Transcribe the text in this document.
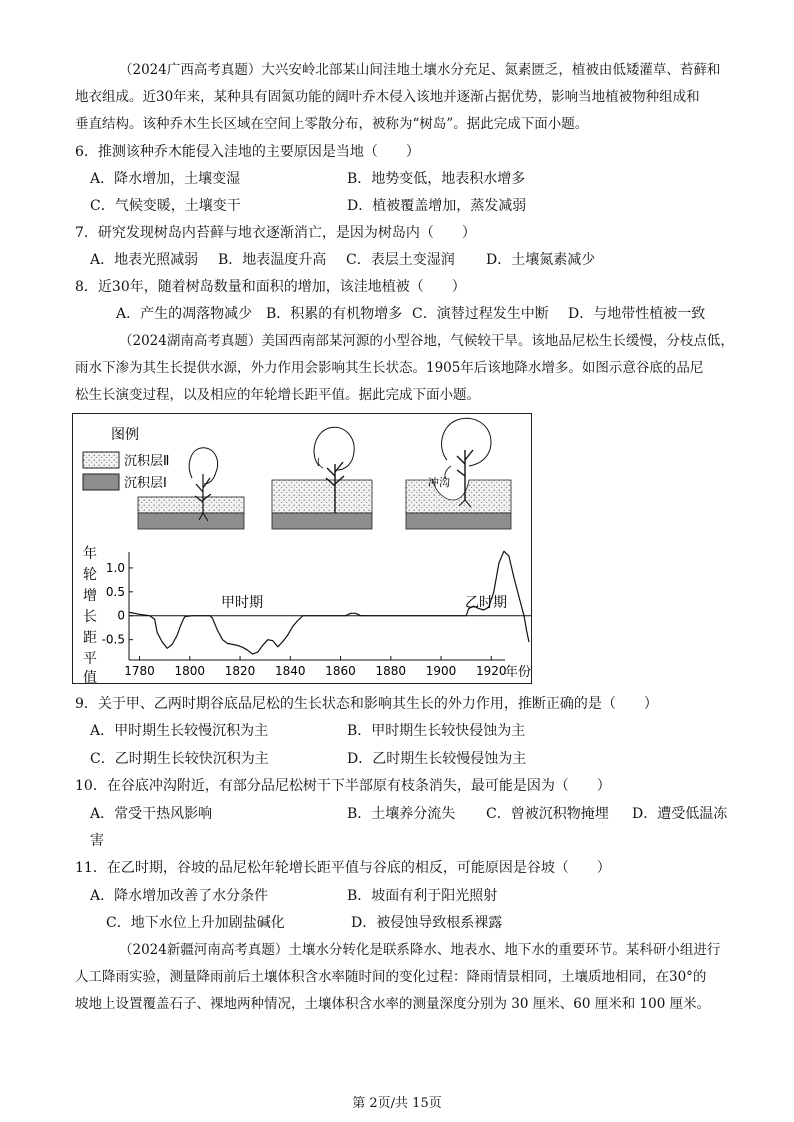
（2024广西高考真题）大兴安岭北部某山间洼地土壤水分充足、氮素匮乏，植被由低矮灌草、苔藓和
地衣组成。近30年来，某种具有固氮功能的阔叶乔木侵入该地并逐渐占据优势，影响当地植被物种组成和
垂直结构。该种乔木生长区域在空间上零散分布，被称为“树岛”。据此完成下面小题。
6．推测该种乔木能侵入洼地的主要原因是当地（　　）
A．降水增加，土壤变湿	B．地势变低，地表积水增多
C．气候变暖，土壤变干	D．植被覆盖增加，蒸发减弱
7．研究发现树岛内苔藓与地衣逐渐消亡，是因为树岛内（　　）
A．地表光照减弱 B．地表温度升高 C．表层土变湿润 D．土壤氮素减少
8．近30年，随着树岛数量和面积的增加，该洼地植被（　　）
A．产生的凋落物减少 B．积累的有机物增多 C．演替过程发生中断 D．与地带性植被一致
（2024湖南高考真题）美国西南部某河源的小型谷地，气候较干旱。该地品尼松生长缓慢，分枝点低，
雨水下渗为其生长提供水源，外力作用会影响其生长状态。1905年后该地降水增多。如图示意谷底的品尼
松生长演变过程，以及相应的年轮增长距平值。据此完成下面小题。
图例
沉积层Ⅱ
沉积层Ⅰ	冲沟
1.0
0.5
0
-0.5
1780 1800 1820 1840 1860 1880 1900 1920
年
轮
增
长
距
平
值	年份
甲时期	乙时期
9．关于甲、乙两时期谷底品尼松的生长状态和影响其生长的外力作用，推断正确的是（　　）
A．甲时期生长较慢沉积为主	B．甲时期生长较快侵蚀为主
C．乙时期生长较快沉积为主	D．乙时期生长较慢侵蚀为主
10．在谷底冲沟附近，有部分品尼松树干下半部原有枝条消失，最可能是因为（　　）
A．常受干热风影响	B．土壤养分流失 C．曾被沉积物掩埋 D．遭受低温冻
害
11．在乙时期，谷坡的品尼松年轮增长距平值与谷底的相反，可能原因是谷坡（　　）
A．降水增加改善了水分条件	B．坡面有利于阳光照射
C．地下水位上升加剧盐碱化	D．被侵蚀导致根系裸露
（2024新疆河南高考真题）土壤水分转化是联系降水、地表水、地下水的重要环节。某科研小组进行
人工降雨实验，测量降雨前后土壤体积含水率随时间的变化过程：降雨情景相同，土壤质地相同，在30°的
坡地上设置覆盖石子、裸地两种情况，土壤体积含水率的测量深度分别为 30 厘米、60 厘米和 100 厘米。
第 2页/共 15页
